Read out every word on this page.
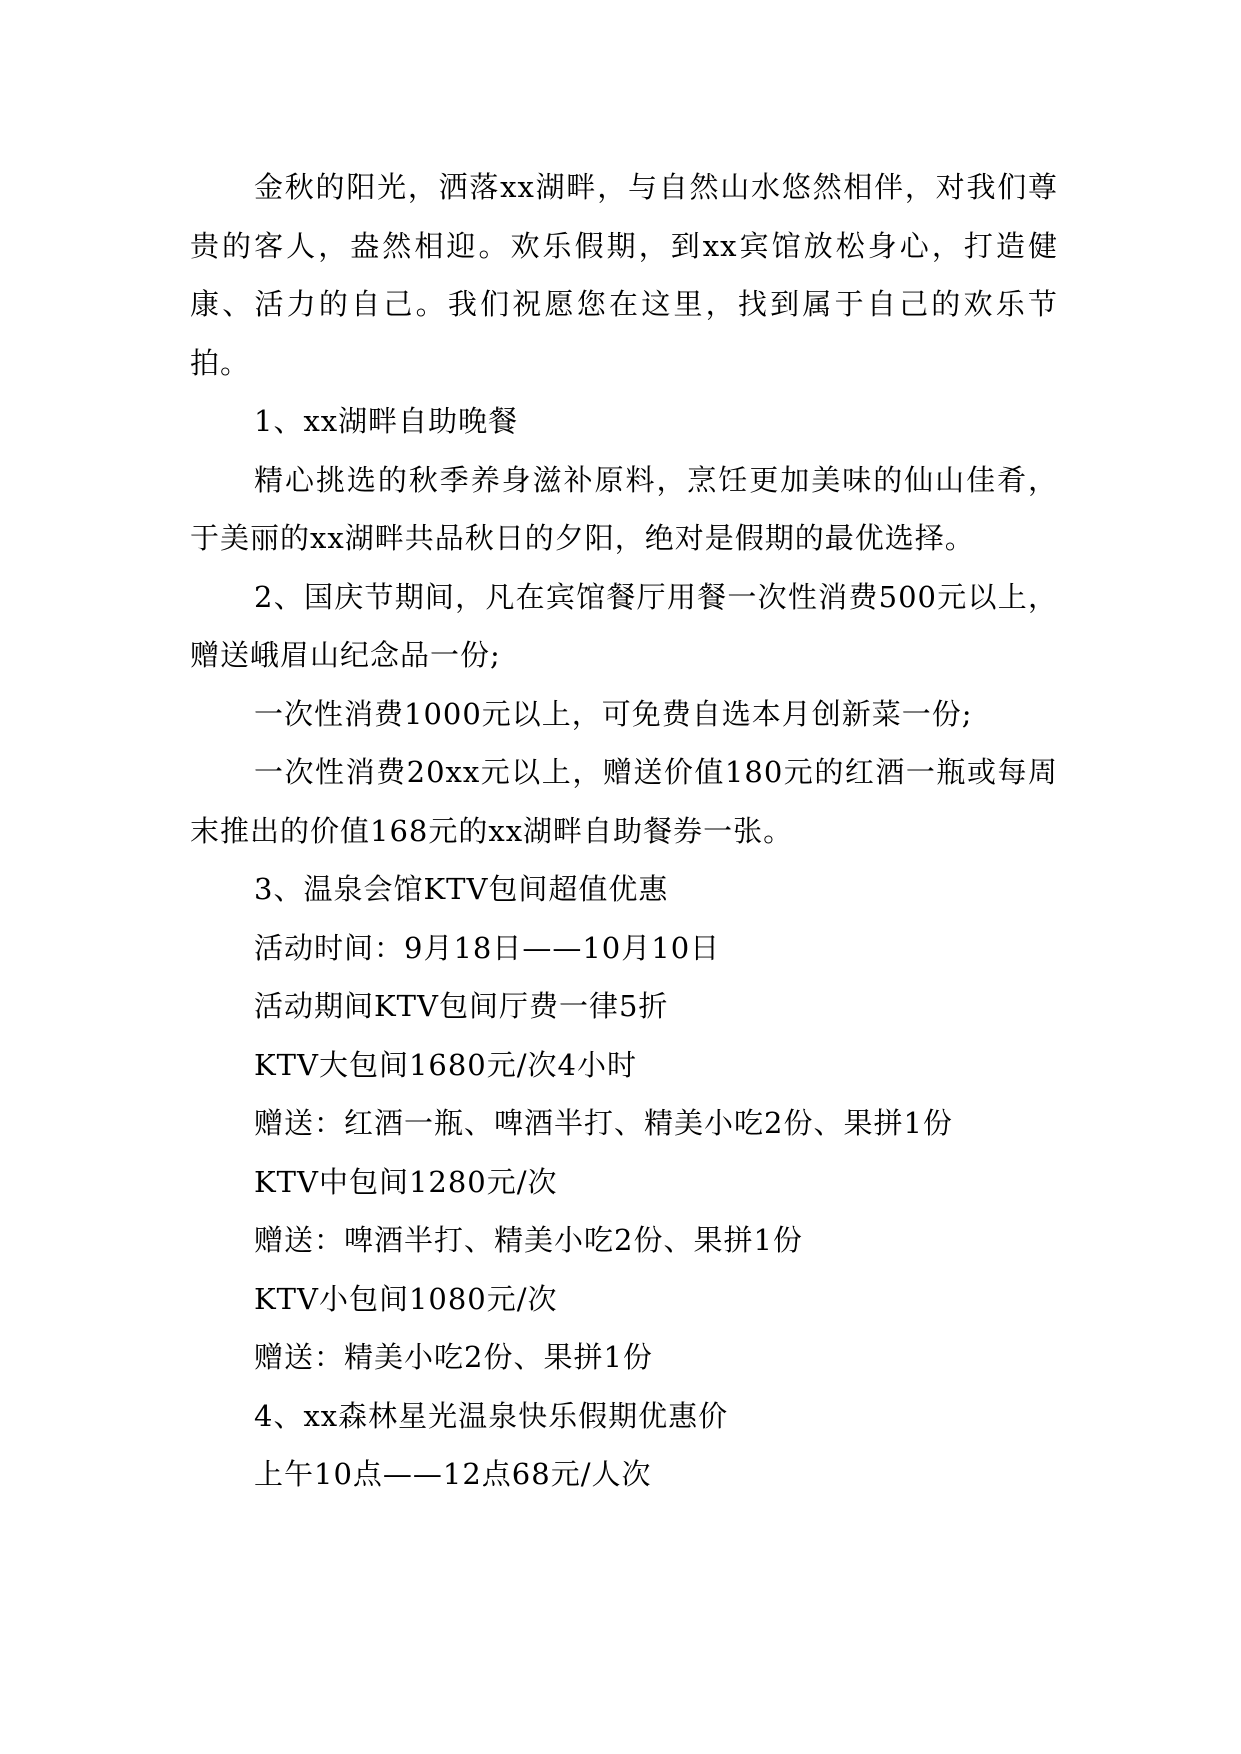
金秋的阳光，洒落xx湖畔，与自然山水悠然相伴，对我们尊贵的客人，盎然相迎。欢乐假期，到xx宾馆放松身心，打造健康、活力的自己。我们祝愿您在这里，找到属于自己的欢乐节拍。

1、xx湖畔自助晚餐

精心挑选的秋季养身滋补原料，烹饪更加美味的仙山佳肴，于美丽的xx湖畔共品秋日的夕阳，绝对是假期的最优选择。

2、国庆节期间，凡在宾馆餐厅用餐一次性消费500元以上，赠送峨眉山纪念品一份;

一次性消费1000元以上，可免费自选本月创新菜一份;

一次性消费20xx元以上，赠送价值180元的红酒一瓶或每周末推出的价值168元的xx湖畔自助餐券一张。

3、温泉会馆KTV包间超值优惠

活动时间：9月18日——10月10日

活动期间KTV包间厅费一律5折

KTV大包间1680元/次4小时

赠送：红酒一瓶、啤酒半打、精美小吃2份、果拼1份

KTV中包间1280元/次

赠送：啤酒半打、精美小吃2份、果拼1份

KTV小包间1080元/次

赠送：精美小吃2份、果拼1份

4、xx森林星光温泉快乐假期优惠价

上午10点——12点68元/人次
